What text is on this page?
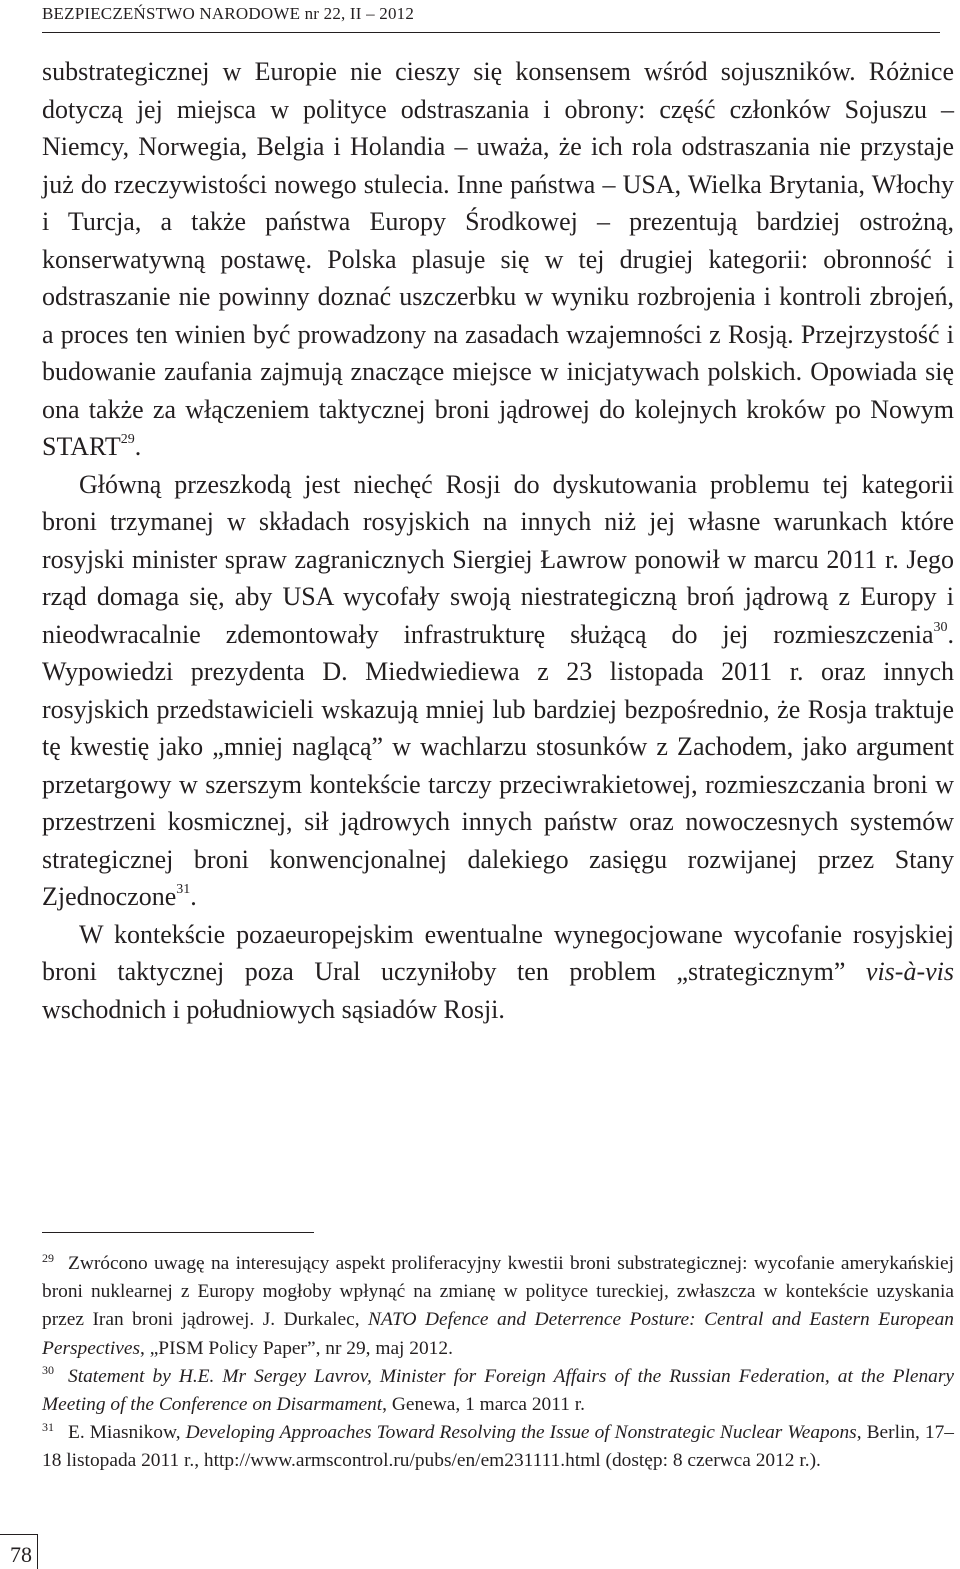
BEZPIECZEŃSTWO NARODOWE nr 22, II – 2012

substrategicznej w Europie nie cieszy się konsensem wśród sojuszników. Różnice dotyczą jej miejsca w polityce odstraszania i obrony: część członków Sojuszu – Niemcy, Norwegia, Belgia i Holandia – uważa, że ich rola odstraszania nie przystaje już do rzeczywistości nowego stulecia. Inne państwa – USA, Wielka Brytania, Włochy i Turcja, a także państwa Europy Środkowej – prezentują bardziej ostrożną, konserwatywną postawę. Polska plasuje się w tej drugiej kategorii: obronność i odstraszanie nie powinny doznać uszczerbku w wyniku rozbrojenia i kontroli zbrojeń, a proces ten winien być prowadzony na zasadach wzajemności z Rosją. Przejrzystość i budowanie zaufania zajmują znaczące miejsce w inicjatywach polskich. Opowiada się ona także za włączeniem taktycznej broni jądrowej do kolejnych kroków po Nowym START$^{29}$.

Główną przeszkodą jest niechęć Rosji do dyskutowania problemu tej kategorii broni trzymanej w składach rosyjskich na innych niż jej własne warunkach które rosyjski minister spraw zagranicznych Siergiej Ławrow ponowił w marcu 2011 r. Jego rząd domaga się, aby USA wycofały swoją niestrategiczną broń jądrową z Europy i nieodwracalnie zdemontowały infrastrukturę służącą do jej rozmieszczenia$^{30}$. Wypowiedzi prezydenta D. Miedwiediewa z 23 listopada 2011 r. oraz innych rosyjskich przedstawicieli wskazują mniej lub bardziej bezpośrednio, że Rosja traktuje tę kwestię jako „mniej naglącą” w wachlarzu stosunków z Zachodem, jako argument przetargowy w szerszym kontekście tarczy przeciwrakietowej, rozmieszczania broni w przestrzeni kosmicznej, sił jądrowych innych państw oraz nowoczesnych systemów strategicznej broni konwencjonalnej dalekiego zasięgu rozwijanej przez Stany Zjednoczone$^{31}$.

W kontekście pozaeuropejskim ewentualne wynegocjowane wycofanie rosyjskiej broni taktycznej poza Ural uczyniłoby ten problem „strategicznym” vis-à-vis wschodnich i południowych sąsiadów Rosji.

$^{29}$ Zwrócono uwagę na interesujący aspekt proliferacyjny kwestii broni substrategicznej: wycofanie amerykańskiej broni nuklearnej z Europy mogłoby wpłynąć na zmianę w polityce tureckiej, zwłaszcza w kontekście uzyskania przez Iran broni jądrowej. J. Durkalec, NATO Defence and Deterrence Posture: Central and Eastern European Perspectives, „PISM Policy Paper”, nr 29, maj 2012.

$^{30}$ Statement by H.E. Mr Sergey Lavrov, Minister for Foreign Affairs of the Russian Federation, at the Plenary Meeting of the Conference on Disarmament, Genewa, 1 marca 2011 r.

$^{31}$ E. Miasnikow, Developing Approaches Toward Resolving the Issue of Nonstrategic Nuclear Weapons, Berlin, 17–18 listopada 2011 r., http://www.armscontrol.ru/pubs/en/em231111.html (dostęp: 8 czerwca 2012 r.).

78
